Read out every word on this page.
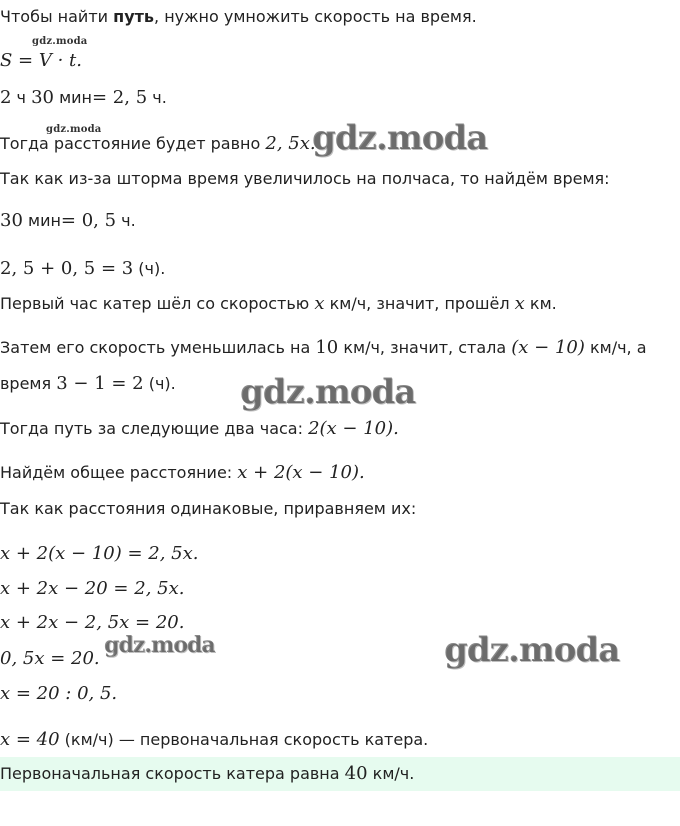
Чтобы найти путь, нужно умножить скорость на время.
S = V · t.
2 ч 30 мин= 2, 5 ч.
Тогда расстояние будет равно 2, 5x.
Так как из-за шторма время увеличилось на полчаса, то найдём время:
30 мин= 0, 5 ч.
2, 5 + 0, 5 = 3 (ч).
Первый час катер шёл со скоростью x км/ч, значит, прошёл x км.
Затем его скорость уменьшилась на 10 км/ч, значит, стала (x − 10) км/ч, а
время 3 − 1 = 2 (ч).
Тогда путь за следующие два часа: 2(x − 10).
Найдём общее расстояние: x + 2(x − 10).
Так как расстояния одинаковые, приравняем их:
x + 2(x − 10) = 2, 5x.
x + 2x − 20 = 2, 5x.
x + 2x − 2, 5x = 20.
0, 5x = 20.
x = 20 : 0, 5.
x = 40 (км/ч) — первоначальная скорость катера.
Первоначальная скорость катера равна 40 км/ч.
gdz.moda
gdz.moda	gdz.moda
gdz.moda
gdz.moda	gdz.moda
